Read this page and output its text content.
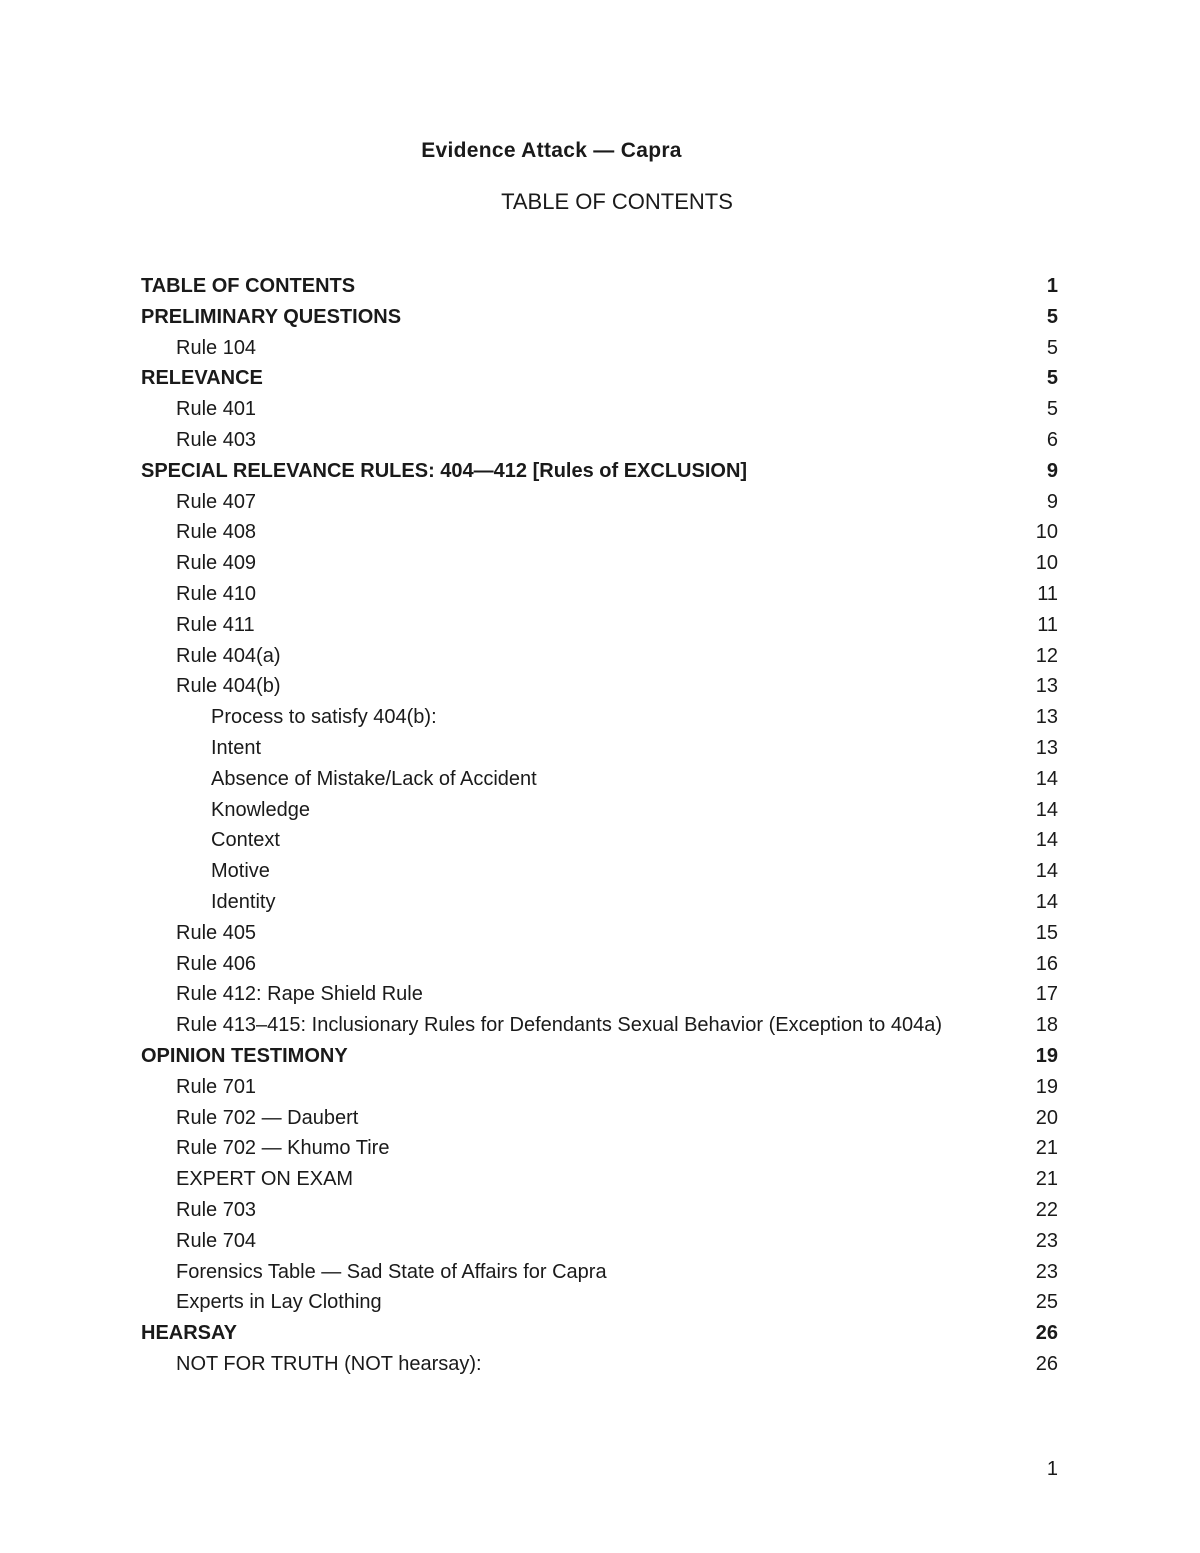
Evidence Attack — Capra
TABLE OF CONTENTS
TABLE OF CONTENTS	1
PRELIMINARY QUESTIONS	5
Rule 104	5
RELEVANCE	5
Rule 401	5
Rule 403	6
SPECIAL RELEVANCE RULES: 404—412 [Rules of EXCLUSION]	9
Rule 407	9
Rule 408	10
Rule 409	10
Rule 410	11
Rule 411	11
Rule 404(a)	12
Rule 404(b)	13
Process to satisfy 404(b):	13
Intent	13
Absence of Mistake/Lack of Accident	14
Knowledge	14
Context	14
Motive	14
Identity	14
Rule 405	15
Rule 406	16
Rule 412: Rape Shield Rule	17
Rule 413–415: Inclusionary Rules for Defendants Sexual Behavior (Exception to 404a)	18
OPINION TESTIMONY	19
Rule 701	19
Rule 702 — Daubert	20
Rule 702 — Khumo Tire	21
EXPERT ON EXAM	21
Rule 703	22
Rule 704	23
Forensics Table — Sad State of Affairs for Capra	23
Experts in Lay Clothing	25
HEARSAY	26
NOT FOR TRUTH (NOT hearsay):	26
1
